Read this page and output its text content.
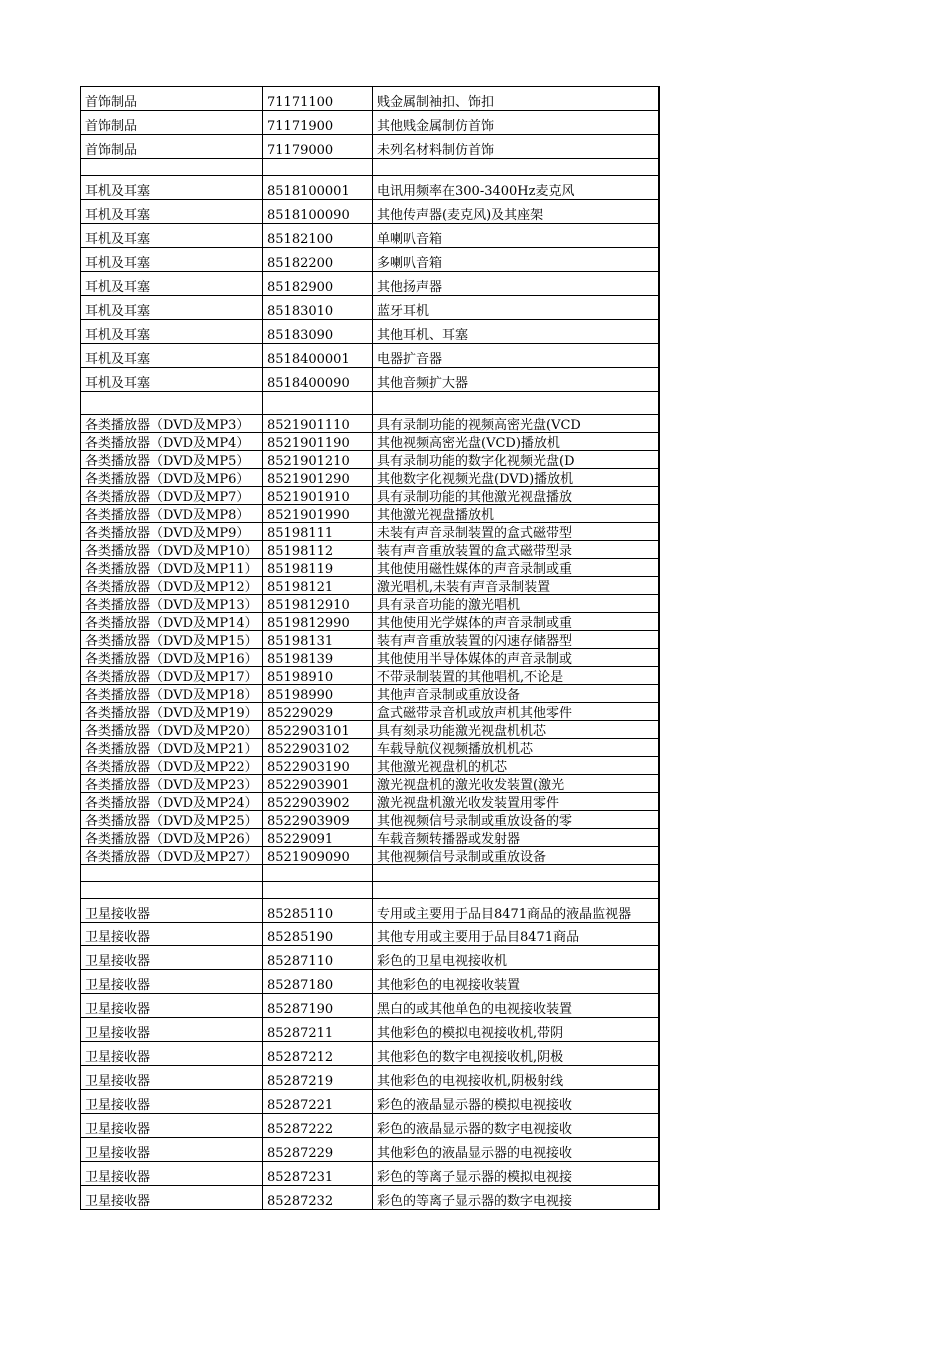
首饰制品	71171100	贱金属制袖扣、饰扣
首饰制品	71171900	其他贱金属制仿首饰
首饰制品	71179000	未列名材料制仿首饰

耳机及耳塞	8518100001	电讯用频率在300-3400Hz麦克风
耳机及耳塞	8518100090	其他传声器(麦克风)及其座架
耳机及耳塞	85182100	单喇叭音箱
耳机及耳塞	85182200	多喇叭音箱
耳机及耳塞	85182900	其他扬声器
耳机及耳塞	85183010	蓝牙耳机
耳机及耳塞	85183090	其他耳机、耳塞
耳机及耳塞	8518400001	电器扩音器
耳机及耳塞	8518400090	其他音频扩大器

各类播放器（DVD及MP3）	8521901110	具有录制功能的视频高密光盘(VCD
各类播放器（DVD及MP4）	8521901190	其他视频高密光盘(VCD)播放机
各类播放器（DVD及MP5）	8521901210	具有录制功能的数字化视频光盘(D
各类播放器（DVD及MP6）	8521901290	其他数字化视频光盘(DVD)播放机
各类播放器（DVD及MP7）	8521901910	具有录制功能的其他激光视盘播放
各类播放器（DVD及MP8）	8521901990	其他激光视盘播放机
各类播放器（DVD及MP9）	85198111	未装有声音录制装置的盒式磁带型
各类播放器（DVD及MP10）	85198112	装有声音重放装置的盒式磁带型录
各类播放器（DVD及MP11）	85198119	其他使用磁性媒体的声音录制或重
各类播放器（DVD及MP12）	85198121	激光唱机,未装有声音录制装置
各类播放器（DVD及MP13）	8519812910	具有录音功能的激光唱机
各类播放器（DVD及MP14）	8519812990	其他使用光学媒体的声音录制或重
各类播放器（DVD及MP15）	85198131	装有声音重放装置的闪速存储器型
各类播放器（DVD及MP16）	85198139	其他使用半导体媒体的声音录制或
各类播放器（DVD及MP17）	85198910	不带录制装置的其他唱机,不论是
各类播放器（DVD及MP18）	85198990	其他声音录制或重放设备
各类播放器（DVD及MP19）	85229029	盒式磁带录音机或放声机其他零件
各类播放器（DVD及MP20）	8522903101	具有刻录功能激光视盘机机芯
各类播放器（DVD及MP21）	8522903102	车载导航仪视频播放机机芯
各类播放器（DVD及MP22）	8522903190	其他激光视盘机的机芯
各类播放器（DVD及MP23）	8522903901	激光视盘机的激光收发装置(激光
各类播放器（DVD及MP24）	8522903902	激光视盘机激光收发装置用零件
各类播放器（DVD及MP25）	8522903909	其他视频信号录制或重放设备的零
各类播放器（DVD及MP26）	85229091	车载音频转播器或发射器
各类播放器（DVD及MP27）	8521909090	其他视频信号录制或重放设备

卫星接收器	85285110	专用或主要用于品目8471商品的液晶监视器
卫星接收器	85285190	其他专用或主要用于品目8471商品
卫星接收器	85287110	彩色的卫星电视接收机
卫星接收器	85287180	其他彩色的电视接收装置
卫星接收器	85287190	黑白的或其他单色的电视接收装置
卫星接收器	85287211	其他彩色的模拟电视接收机,带阴
卫星接收器	85287212	其他彩色的数字电视接收机,阴极
卫星接收器	85287219	其他彩色的电视接收机,阴极射线
卫星接收器	85287221	彩色的液晶显示器的模拟电视接收
卫星接收器	85287222	彩色的液晶显示器的数字电视接收
卫星接收器	85287229	其他彩色的液晶显示器的电视接收
卫星接收器	85287231	彩色的等离子显示器的模拟电视接
卫星接收器	85287232	彩色的等离子显示器的数字电视接
